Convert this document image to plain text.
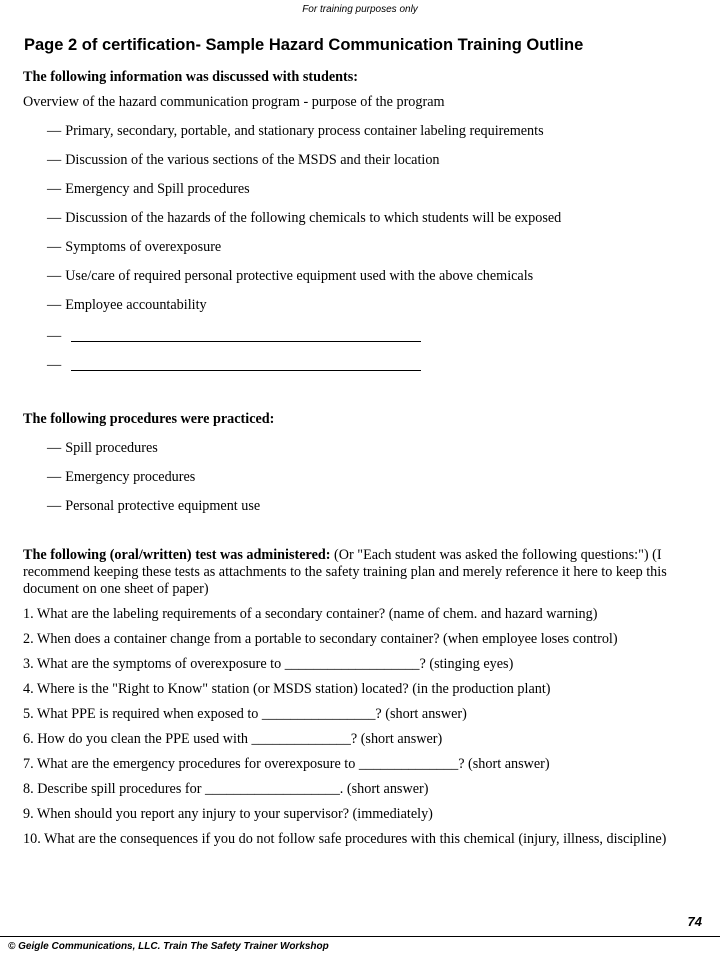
For training purposes only
Page 2 of certification- Sample Hazard Communication Training Outline

The following information was discussed with students:

Overview of the hazard communication program - purpose of the program

— Primary, secondary, portable, and stationary process container labeling requirements
— Discussion of the various sections of the MSDS and their location
— Emergency and Spill procedures
— Discussion of the hazards of the following chemicals to which students will be exposed
— Symptoms of overexposure
— Use/care of required personal protective equipment used with the above chemicals
— Employee accountability
—
—

The following procedures were practiced:

— Spill procedures
— Emergency procedures
— Personal protective equipment use

The following (oral/written) test was administered: (Or "Each student was asked the following questions:") (I recommend keeping these tests as attachments to the safety training plan and merely reference it here to keep this document on one sheet of paper)

1. What are the labeling requirements of a secondary container? (name of chem. and hazard warning)

2. When does a container change from a portable to secondary container? (when employee loses control)

3. What are the symptoms of overexposure to ___________________? (stinging eyes)

4. Where is the "Right to Know" station (or MSDS station) located? (in the production plant)

5. What PPE is required when exposed to ________________? (short answer)

6. How do you clean the PPE used with ______________? (short answer)

7. What are the emergency procedures for overexposure to ______________? (short answer)

8. Describe spill procedures for ___________________. (short answer)

9. When should you report any injury to your supervisor? (immediately)

10. What are the consequences if you do not follow safe procedures with this chemical (injury, illness, discipline)

74
© Geigle Communications, LLC. Train The Safety Trainer Workshop
